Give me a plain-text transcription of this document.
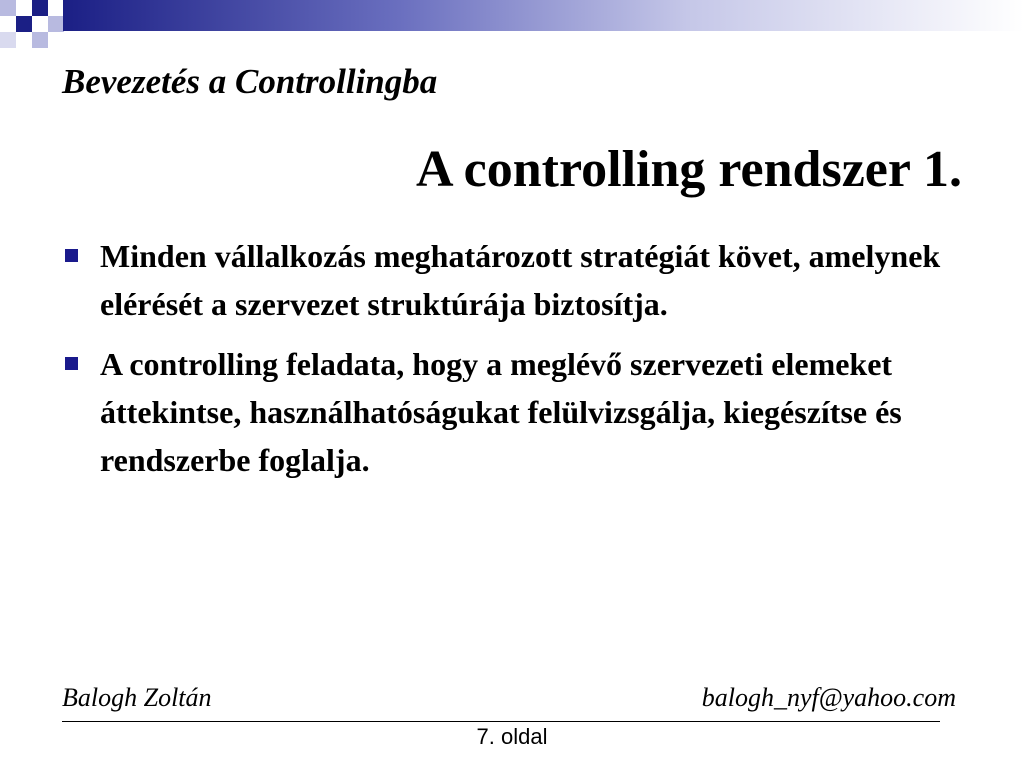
Bevezetés a Controllingba
A controlling rendszer 1.
Minden vállalkozás meghatározott stratégiát követ, amelynek elérését a szervezet struktúrája biztosítja.
A controlling feladata, hogy a meglévő szervezeti elemeket áttekintse, használhatóságukat felülvizsgálja, kiegészítse és rendszerbe foglalja.
Balogh Zoltán	balogh_nyf@yahoo.com
7. oldal
